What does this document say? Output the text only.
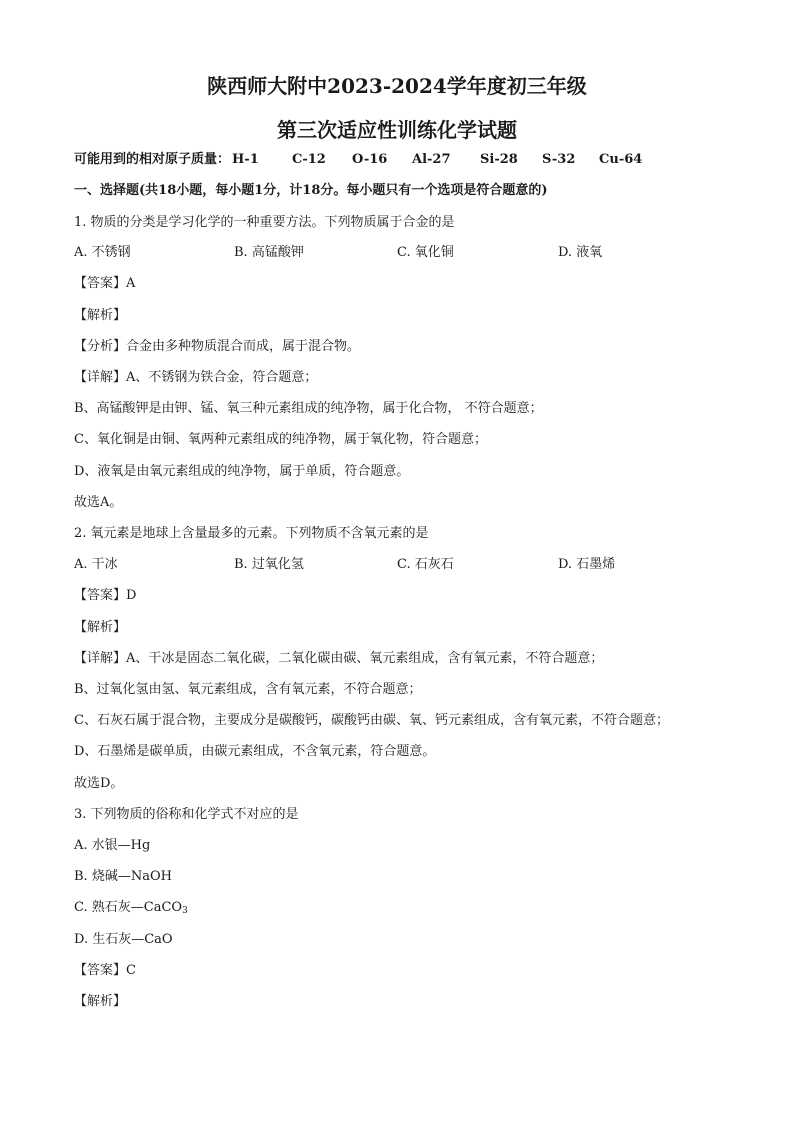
陕西师大附中2023-2024学年度初三年级
第三次适应性训练化学试题
可能用到的相对原子质量： H-1	C-12 O-16 Al-27 Si-28 S-32 Cu-64
一、选择题(共18小题，每小题1分，计18分。每小题只有一个选项是符合题意的)
1. 物质的分类是学习化学的一种重要方法。下列物质属于合金的是
A. 不锈钢	B. 高锰酸钾	C. 氧化铜	D. 液氧
【答案】A
【解析】
【分析】合金由多种物质混合而成，属于混合物。
【详解】A、不锈钢为铁合金，符合题意；
B、高锰酸钾是由钾、锰、氧三种元素组成的纯净物，属于化合物， 不符合题意；
C、氧化铜是由铜、氧两种元素组成的纯净物，属于氧化物，符合题意；
D、液氧是由氧元素组成的纯净物，属于单质，符合题意。
故选A。
2. 氧元素是地球上含量最多的元素。下列物质不含氧元素的是
A. 干冰	B. 过氧化氢	C. 石灰石	D. 石墨烯
【答案】D
【解析】
【详解】A、干冰是固态二氧化碳，二氧化碳由碳、氧元素组成，含有氧元素，不符合题意；
B、过氧化氢由氢、氧元素组成，含有氧元素，不符合题意；
C、石灰石属于混合物，主要成分是碳酸钙，碳酸钙由碳、氧、钙元素组成，含有氧元素，不符合题意；
D、石墨烯是碳单质，由碳元素组成，不含氧元素，符合题意。
故选D。
3. 下列物质的俗称和化学式不对应的是
A. 水银—Hg
B. 烧碱—NaOH
C. 熟石灰—CaCO$_3$
D. 生石灰—CaO
【答案】C
【解析】
